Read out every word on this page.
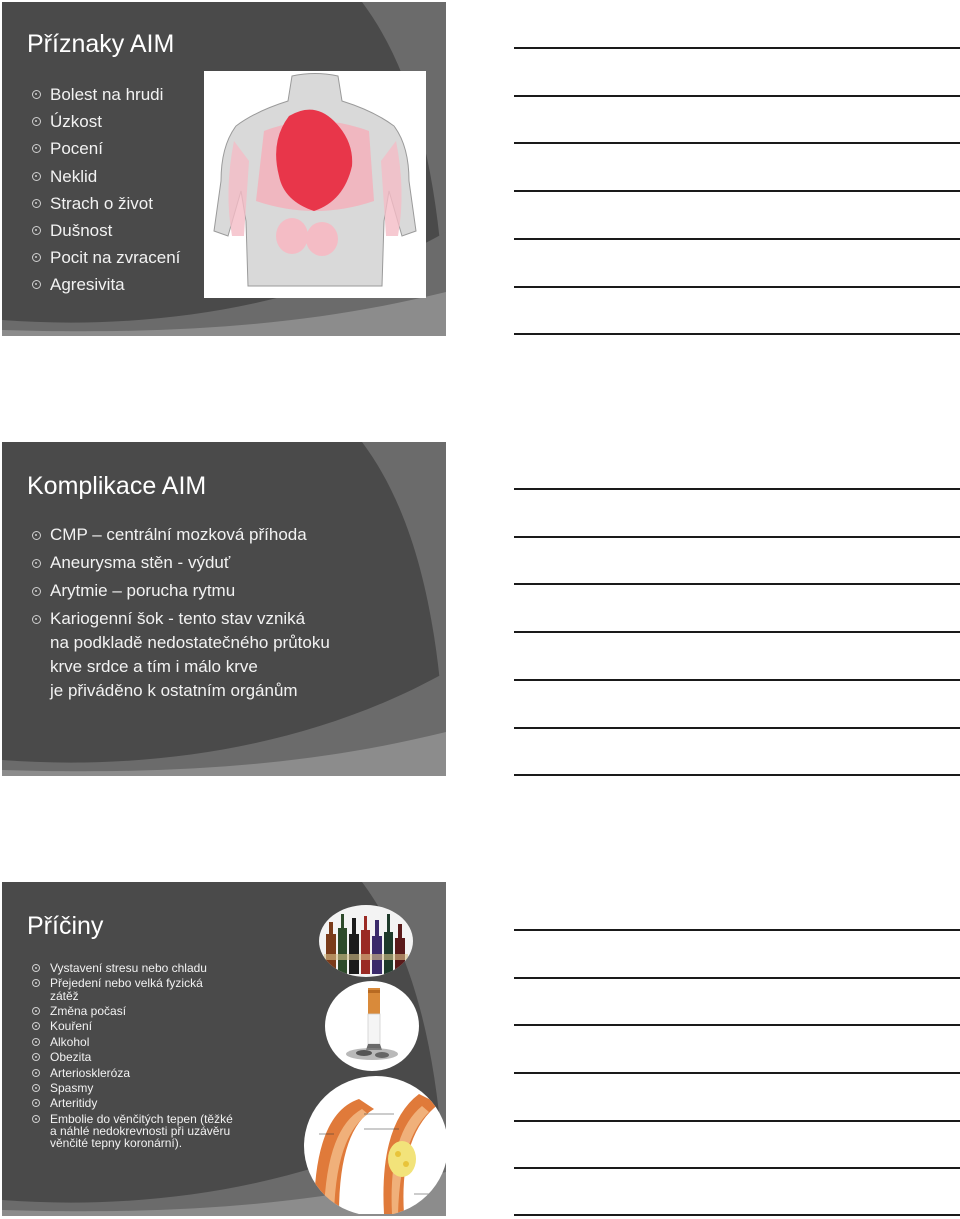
Příznaky AIM
Bolest na hrudi
Úzkost
Pocení
Neklid
Strach o život
Dušnost
Pocit na zvracení
Agresivita
Komplikace AIM
CMP – centrální mozková příhoda
Aneurysma stěn - výduť
Arytmie – porucha rytmu
Kariogenní šok - tento stav vzniká
na podkladě nedostatečného průtoku
krve srdce a tím i málo krve
je přiváděno k ostatním orgánům
Příčiny
Vystavení stresu nebo chladu
Přejedení nebo velká fyzická
zátěž
Změna počasí
Kouření
Alkohol
Obezita
Arterioskleróza
Spasmy
Arteritidy
Embolie do věnčitých tepen (těžké
a náhlé nedokrevnosti při uzávěru
věnčité tepny koronární).
